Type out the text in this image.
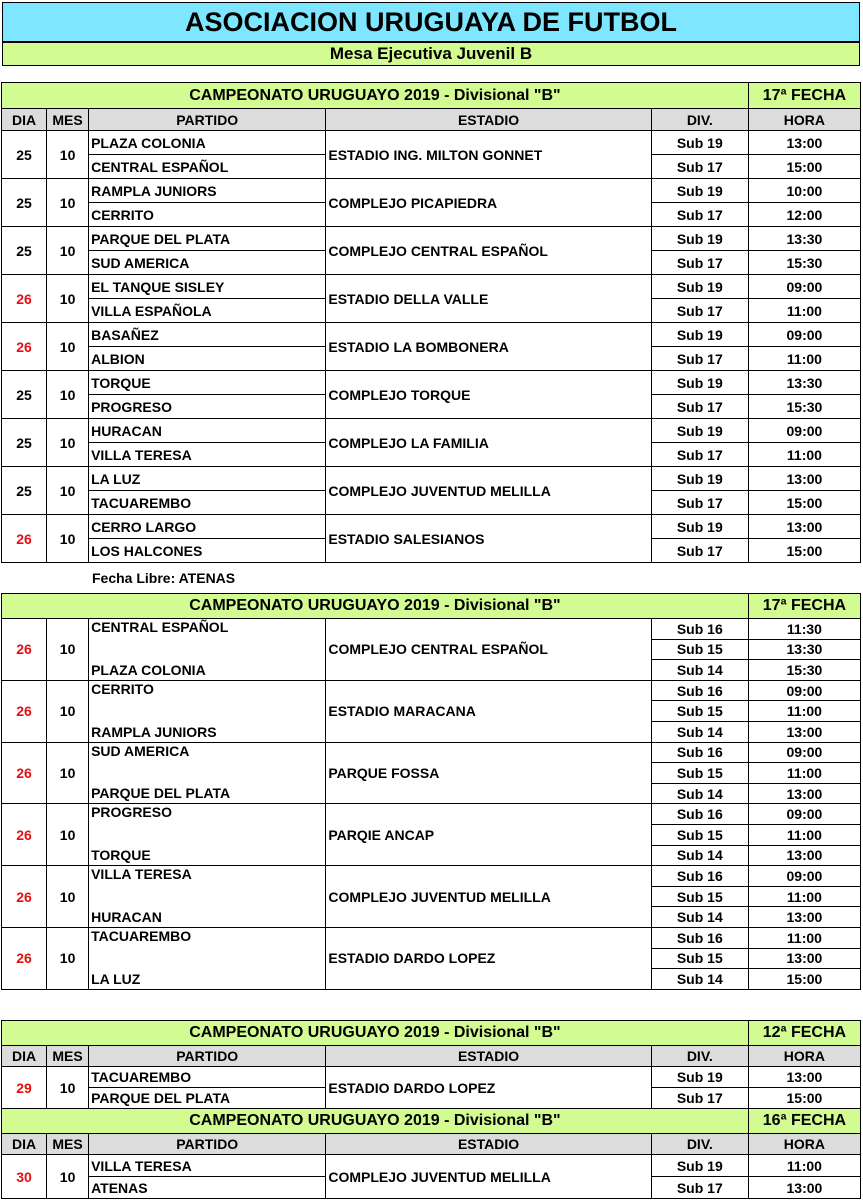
ASOCIACION URUGUAYA DE FUTBOL
Mesa Ejecutiva Juvenil B
CAMPEONATO URUGUAYO 2019 - Divisional "B"					17ª FECHA
DIA	MES	PARTIDO	ESTADIO	DIV.	HORA
25	10	PLAZA COLONIA	ESTADIO ING. MILTON GONNET	Sub 19	13:00
		CENTRAL ESPAÑOL		Sub 17	15:00
25	10	RAMPLA JUNIORS	COMPLEJO PICAPIEDRA	Sub 19	10:00
		CERRITO		Sub 17	12:00
25	10	PARQUE DEL PLATA	COMPLEJO CENTRAL ESPAÑOL	Sub 19	13:30
		SUD AMERICA		Sub 17	15:30
26	10	EL TANQUE SISLEY	ESTADIO DELLA VALLE	Sub 19	09:00
		VILLA ESPAÑOLA		Sub 17	11:00
26	10	BASAÑEZ	ESTADIO LA BOMBONERA	Sub 19	09:00
		ALBION		Sub 17	11:00
25	10	TORQUE	COMPLEJO TORQUE	Sub 19	13:30
		PROGRESO		Sub 17	15:30
25	10	HURACAN	COMPLEJO LA FAMILIA	Sub 19	09:00
		VILLA TERESA		Sub 17	11:00
25	10	LA LUZ	COMPLEJO JUVENTUD MELILLA	Sub 19	13:00
		TACUAREMBO		Sub 17	15:00
26	10	CERRO LARGO	ESTADIO SALESIANOS	Sub 19	13:00
		LOS HALCONES		Sub 17	15:00
Fecha Libre: ATENAS
CAMPEONATO URUGUAYO 2019 - Divisional "B"					17ª FECHA
26	10	CENTRAL ESPAÑOL	COMPLEJO CENTRAL ESPAÑOL	Sub 16	11:30
				Sub 15	13:30
		PLAZA COLONIA		Sub 14	15:30
26	10	CERRITO	ESTADIO MARACANA	Sub 16	09:00
				Sub 15	11:00
		RAMPLA JUNIORS		Sub 14	13:00
26	10	SUD AMERICA	PARQUE FOSSA	Sub 16	09:00
				Sub 15	11:00
		PARQUE DEL PLATA		Sub 14	13:00
26	10	PROGRESO	PARQIE ANCAP	Sub 16	09:00
				Sub 15	11:00
		TORQUE		Sub 14	13:00
26	10	VILLA TERESA	COMPLEJO JUVENTUD MELILLA	Sub 16	09:00
				Sub 15	11:00
		HURACAN		Sub 14	13:00
26	10	TACUAREMBO	ESTADIO DARDO LOPEZ	Sub 16	11:00
				Sub 15	13:00
		LA LUZ		Sub 14	15:00
CAMPEONATO URUGUAYO 2019 - Divisional "B"					12ª FECHA
DIA	MES	PARTIDO	ESTADIO	DIV.	HORA
29	10	TACUAREMBO	ESTADIO DARDO LOPEZ	Sub 19	13:00
		PARQUE DEL PLATA		Sub 17	15:00
CAMPEONATO URUGUAYO 2019 - Divisional "B"					16ª FECHA
DIA	MES	PARTIDO	ESTADIO	DIV.	HORA
30	10	VILLA TERESA	COMPLEJO JUVENTUD MELILLA	Sub 19	11:00
		ATENAS		Sub 17	13:00
